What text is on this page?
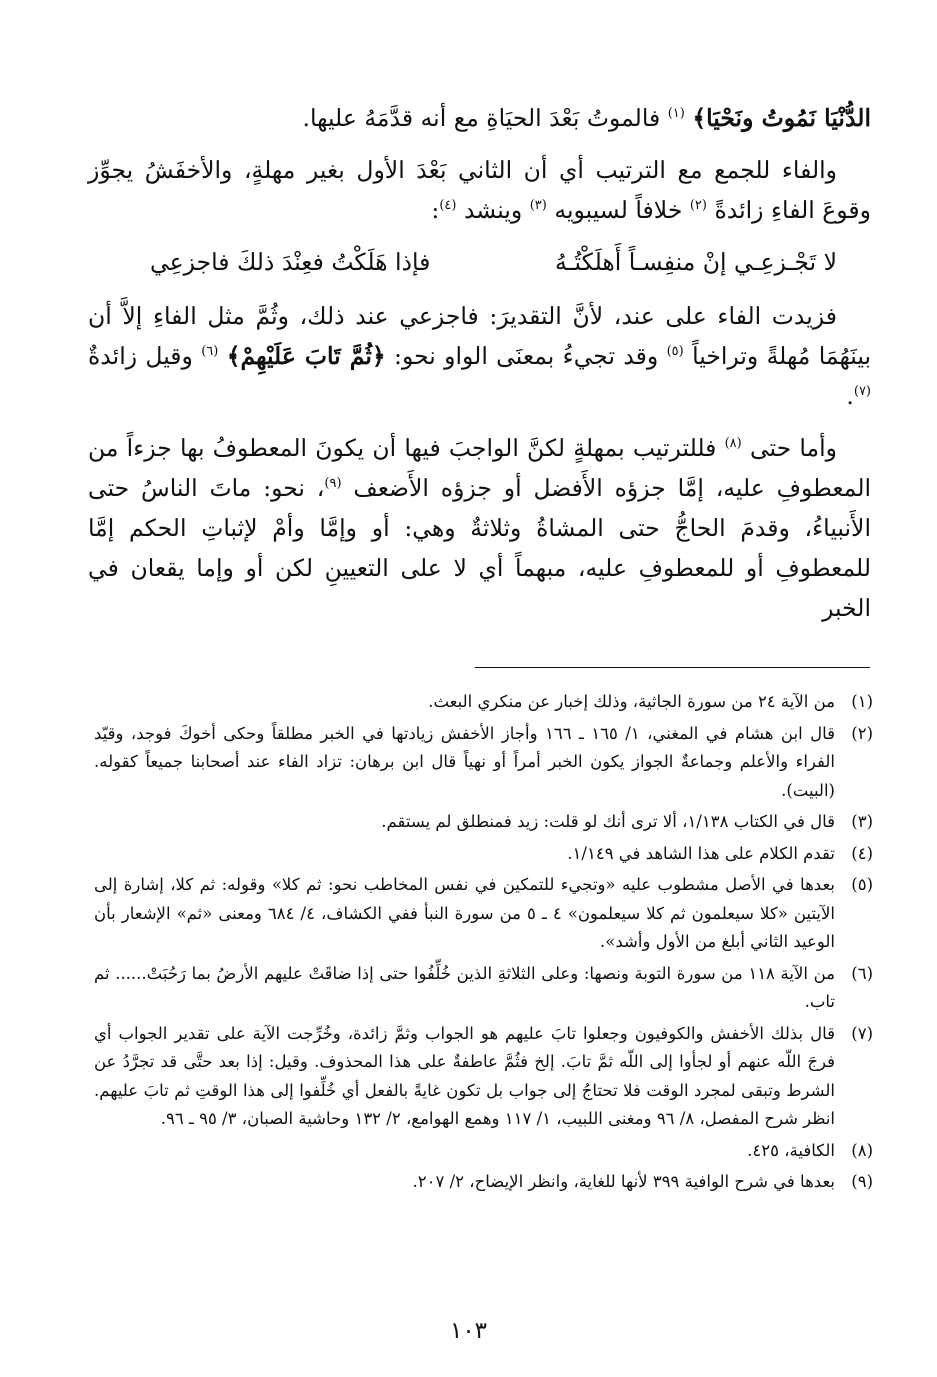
الدُّنْيَا نَمُوتُ ونَحْيَا﴾ $^{(١)}$ فالموتُ بَعْدَ الحيَاةِ مع أنه قدَّمَهُ عليها.

والفاء للجمع مع الترتيب أي أن الثاني بَعْدَ الأول بغير مهلةٍ، والأخفَشُ يجوِّز وقوعَ الفاءِ زائدةً $^{(٢)}$ خلافاً لسيبويه $^{(٣)}$ وينشد $^{(٤)}$:

لا تَجْـزعِـي إنْ منفِسـاً أَهلَكْتُـهُ
فإذا هَلَكْتُ فعِنْدَ ذلكَ فاجزعِي

فزيدت الفاء على عند، لأنَّ التقديرَ: فاجزعي عند ذلك، وثُمَّ مثل الفاءِ إلاَّ أن بينَهُمَا مُهلةً وتراخياً $^{(٥)}$ وقد تجيءُ بمعنَى الواو نحو: ﴿ثُمَّ تَابَ عَلَيْهِمْ﴾ $^{(٦)}$ وقيل زائدةٌ $^{(٧)}$.

وأما حتى $^{(٨)}$ فللترتيب بمهلةٍ لكنَّ الواجبَ فيها أن يكونَ المعطوفُ بها جزءاً من المعطوفِ عليه، إمَّا جزؤه الأَفضل أو جزؤه الأَضعف $^{(٩)}$، نحو: ماتَ الناسُ حتى الأَنبياءُ، وقدمَ الحاجُّ حتى المشاةُ وثلاثةٌ وهي: أو وإمَّا وأمْ لإثباتِ الحكم إمَّا للمعطوفِ أو للمعطوفِ عليه، مبهماً أي لا على التعيينِ لكن أو وإما يقعان في الخبر

(١)
من الآية ٢٤ من سورة الجاثية، وذلك إخبار عن منكري البعث.
(٢)
قال ابن هشام في المغني، ١/ ١٦٥ ـ ١٦٦ وأجاز الأخفش زيادتها في الخبر مطلقاً وحكى أخوكَ فوجد، وقيّد الفراء والأعلم وجماعةٌ الجواز يكون الخبر أمراً أو نهياً قال ابن برهان: تزاد الفاء عند أصحابنا جميعاً كقوله. (البيت).
(٣)
قال في الكتاب ١/١٣٨، ألا ترى أنك لو قلت: زيد فمنطلق لم يستقم.
(٤)
تقدم الكلام على هذا الشاهد في ١/١٤٩.
(٥)
بعدها في الأصل مشطوب عليه «وتجيء للتمكين في نفس المخاطب نحو: ثم كلا» وقوله: ثم كلا، إشارة إلى الآيتين «كلا سيعلمون ثم كلا سيعلمون» ٤ ـ ٥ من سورة النبأ ففي الكشاف، ٤/ ٦٨٤ ومعنى «ثم» الإشعار بأن الوعيد الثاني أبلغ من الأول وأشد».
(٦)
من الآية ١١٨ من سورة التوبة ونصها: وعلى الثلاثةِ الذين خُلِّفُوا حتى إذا ضاقَتْ عليهم الأرضُ بما رَحُبَتْ...... ثم تاب.
(٧)
قال بذلك الأخفش والكوفيون وجعلوا تابَ عليهم هو الجواب وثمَّ زائدة، وخُرِّجت الآية على تقدير الجواب أي فرجَ اللّه عنهم أو لجأوا إلى اللّه ثمَّ تابَ. إلخ فثُمَّ عاطفةٌ على هذا المحذوف. وقيل: إذا بعد حتَّى قد تجرَّدُ عن الشرط وتبقى لمجرد الوقت فلا تحتاجُ إلى جواب بل تكون غايةً بالفعل أي خُلِّفوا إلى هذا الوقتِ ثم تابَ عليهم. انظر شرح المفصل، ٨/ ٩٦ ومغنى اللبيب، ١/ ١١٧ وهمع الهوامع، ٢/ ١٣٢ وحاشية الصبان، ٣/ ٩٥ ـ ٩٦.
(٨)
الكافية، ٤٢٥.
(٩)
بعدها في شرح الوافية ٣٩٩ لأنها للغاية، وانظر الإيضاح، ٢/ ٢٠٧.
١٠٣
